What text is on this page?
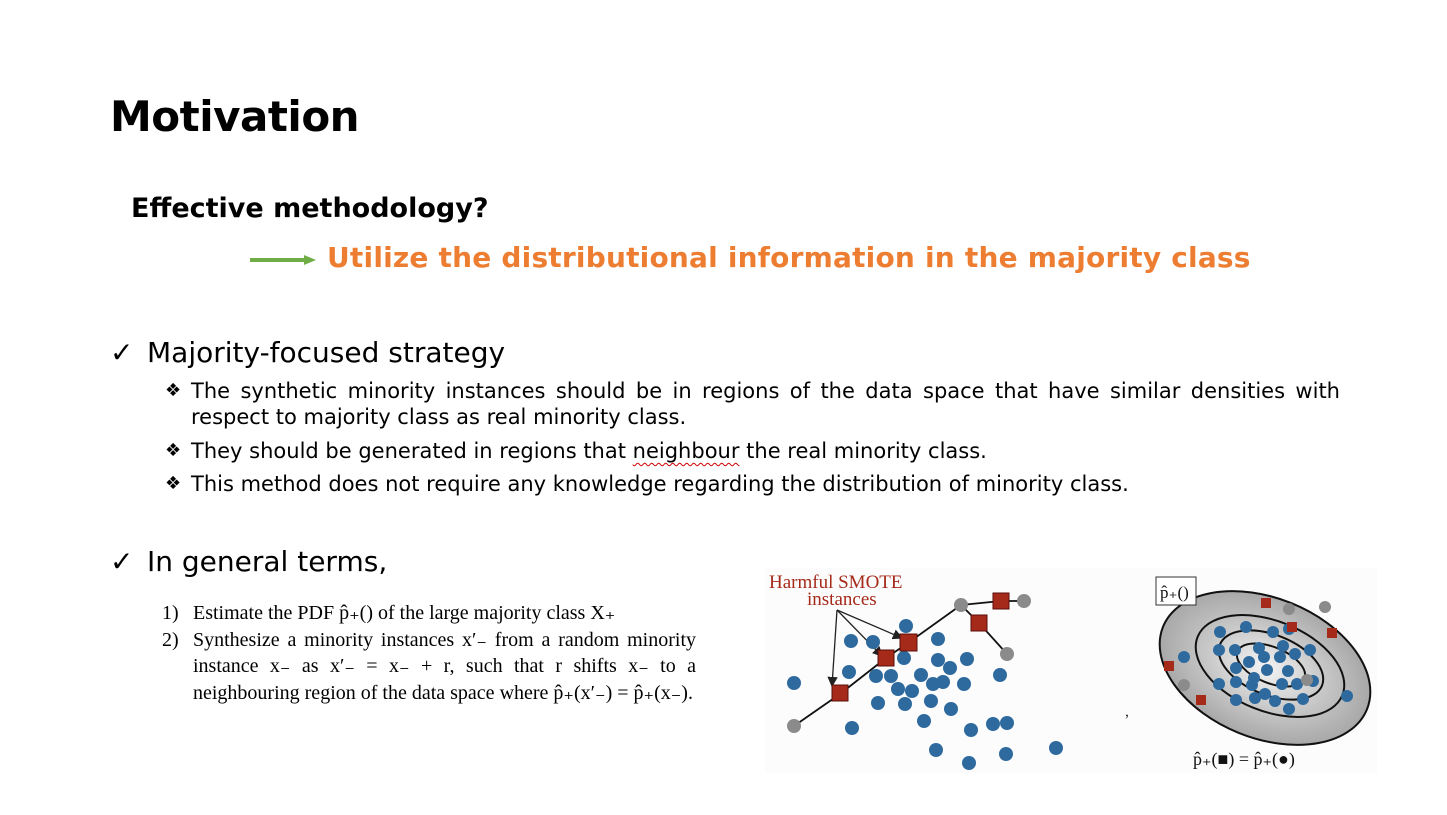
Motivation
Effective methodology?
Utilize the distributional information in the majority class
✓ Majority-focused strategy
❖ The synthetic minority instances should be in regions of the data space that have similar densities with respect to majority class as real minority class.
❖ They should be generated in regions that neighbour the real minority class.
❖ This method does not require any knowledge regarding the distribution of minority class.
✓ In general terms,
1) Estimate the PDF p̂₊() of the large majority class X₊
2) Synthesize a minority instances x′₋ from a random minority instance x₋ as x′₋ = x₋ + r, such that r shifts x₋ to a neighbouring region of the data space where p̂₊(x′₋) = p̂₊(x₋).
Harmful SMOTE
instances
,
p̂₊()
p̂₊(■) = p̂₊(●)
